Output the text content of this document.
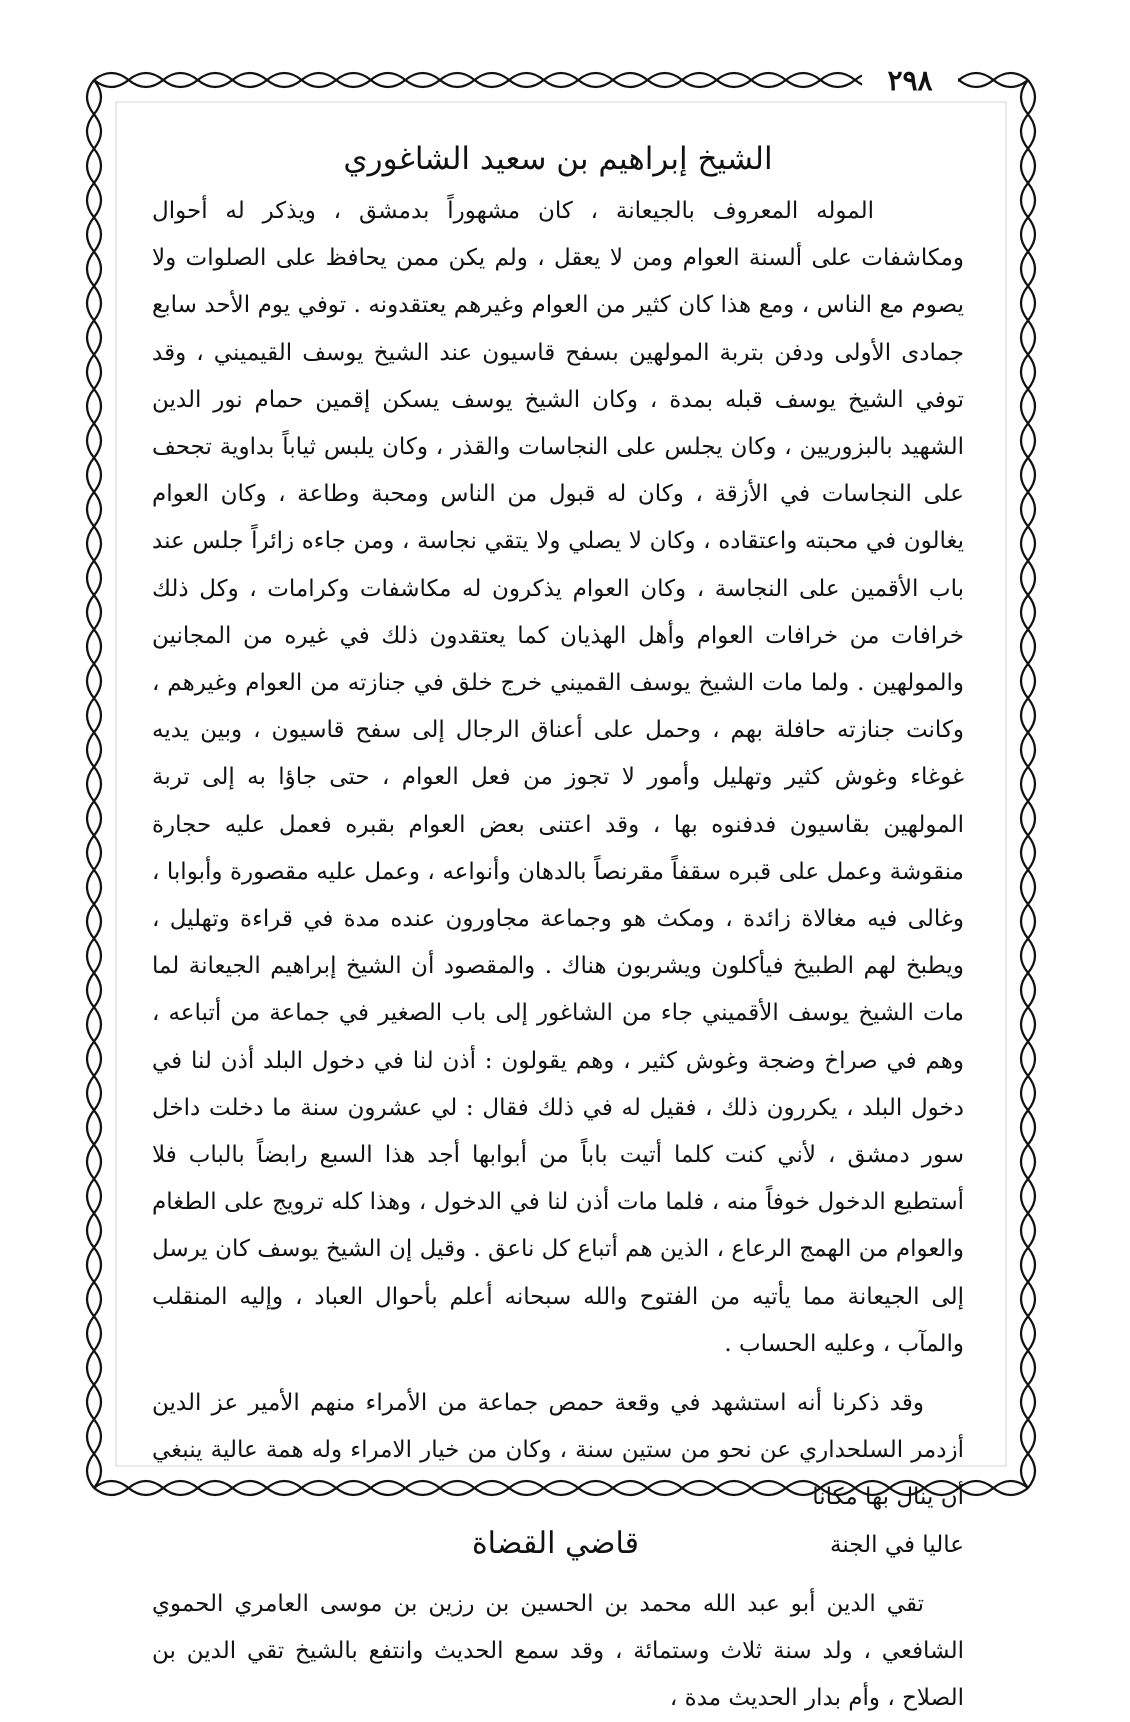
٢٩٨
الشيخ إبراهيم بن سعيد الشاغوري

الموله المعروف بالجيعانة ، كان مشهوراً بدمشق ، ويذكر له أحوال ومكاشفات على ألسنة العوام ومن لا يعقل ، ولم يكن ممن يحافظ على الصلوات ولا يصوم مع الناس ، ومع هذا كان كثير من العوام وغيرهم يعتقدونه . توفي يوم الأحد سابع جمادى الأولى ودفن بتربة المولهين بسفح قاسيون عند الشيخ يوسف القيميني ، وقد توفي الشيخ يوسف قبله بمدة ، وكان الشيخ يوسف يسكن إقمين حمام نور الدين الشهيد بالبزوريين ، وكان يجلس على النجاسات والقذر ، وكان يلبس ثياباً بداوية تجحف على النجاسات في الأزقة ، وكان له قبول من الناس ومحبة وطاعة ، وكان العوام يغالون في محبته واعتقاده ، وكان لا يصلي ولا يتقي نجاسة ، ومن جاءه زائراً جلس عند باب الأقمين على النجاسة ، وكان العوام يذكرون له مكاشفات وكرامات ، وكل ذلك خرافات من خرافات العوام وأهل الهذيان كما يعتقدون ذلك في غيره من المجانين والمولهين . ولما مات الشيخ يوسف القميني خرج خلق في جنازته من العوام وغيرهم ، وكانت جنازته حافلة بهم ، وحمل على أعناق الرجال إلى سفح قاسيون ، وبين يديه غوغاء وغوش كثير وتهليل وأمور لا تجوز من فعل العوام ، حتى جاؤا به إلى تربة المولهين بقاسيون فدفنوه بها ، وقد اعتنى بعض العوام بقبره فعمل عليه حجارة منقوشة وعمل على قبره سقفاً مقرنصاً بالدهان وأنواعه ، وعمل عليه مقصورة وأبوابا ، وغالى فيه مغالاة زائدة ، ومكث هو وجماعة مجاورون عنده مدة في قراءة وتهليل ، ويطبخ لهم الطبيخ فيأكلون ويشربون هناك . والمقصود أن الشيخ إبراهيم الجيعانة لما مات الشيخ يوسف الأقميني جاء من الشاغور إلى باب الصغير في جماعة من أتباعه ، وهم في صراخ وضجة وغوش كثير ، وهم يقولون : أذن لنا في دخول البلد أذن لنا في دخول البلد ، يكررون ذلك ، فقيل له في ذلك فقال : لي عشرون سنة ما دخلت داخل سور دمشق ، لأني كنت كلما أتيت باباً من أبوابها أجد هذا السبع رابضاً بالباب فلا أستطيع الدخول خوفاً منه ، فلما مات أذن لنا في الدخول ، وهذا كله ترويج على الطغام والعوام من الهمج الرعاع ، الذين هم أتباع كل ناعق . وقيل إن الشيخ يوسف كان يرسل إلى الجيعانة مما يأتيه من الفتوح والله سبحانه أعلم بأحوال العباد ، وإليه المنقلب والمآب ، وعليه الحساب .

وقد ذكرنا أنه استشهد في وقعة حمص جماعة من الأمراء منهم الأمير عز الدين أزدمر السلحداري عن نحو من ستين سنة ، وكان من خيار الامراء وله همة عالية ينبغي أن ينال بها مكانا

عاليا في الجنة
قاضي القضاة

تقي الدين أبو عبد الله محمد بن الحسين بن رزين بن موسى العامري الحموي الشافعي ، ولد سنة ثلاث وستمائة ، وقد سمع الحديث وانتفع بالشيخ تقي الدين بن الصلاح ، وأم بدار الحديث مدة ،
